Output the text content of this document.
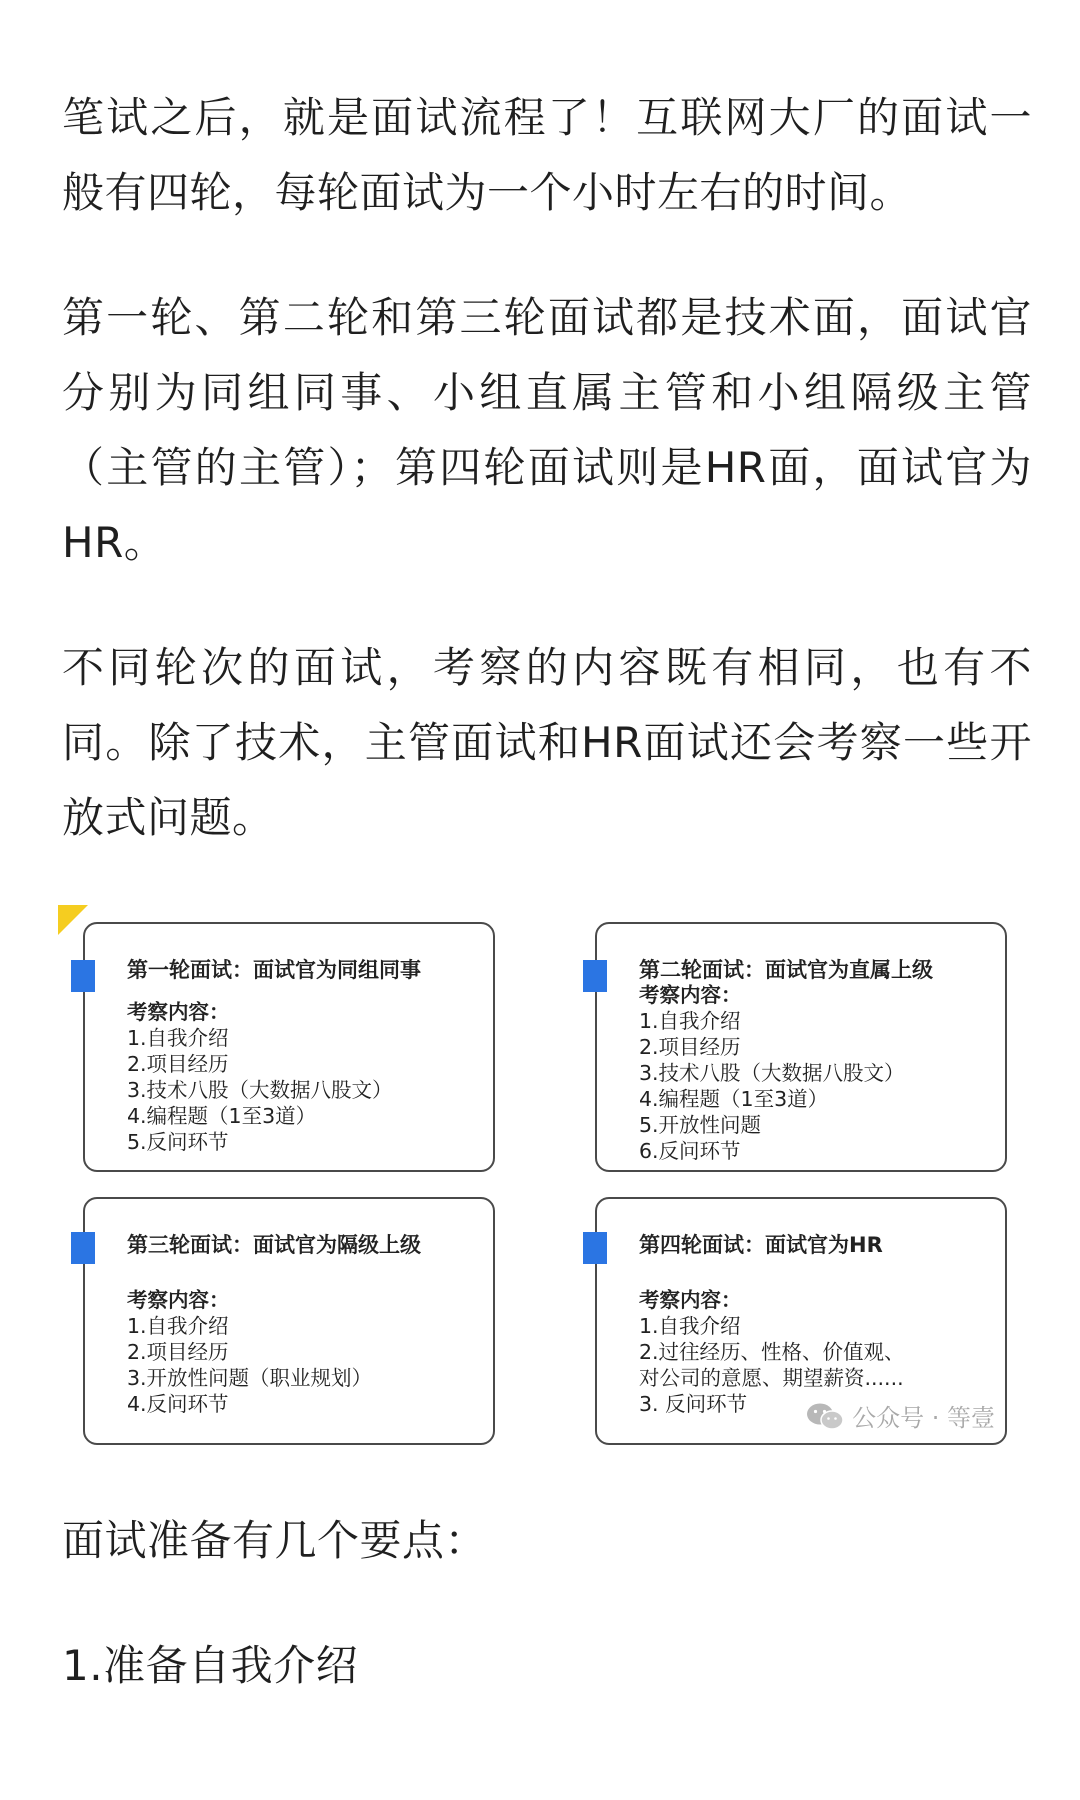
笔试之后，就是面试流程了！互联网大厂的面试一般有四轮，每轮面试为一个小时左右的时间。

第一轮、第二轮和第三轮面试都是技术面，面试官分别为同组同事、小组直属主管和小组隔级主管（主管的主管）；第四轮面试则是HR面，面试官为HR。

不同轮次的面试，考察的内容既有相同，也有不同。除了技术，主管面试和HR面试还会考察一些开放式问题。

面试准备有几个要点：

1.准备自我介绍

第一轮面试：面试官为同组同事
考察内容：
1.自我介绍
2.项目经历
3.技术八股（大数据八股文）
4.编程题（1至3道）
5.反问环节
第二轮面试：面试官为直属上级
考察内容：
1.自我介绍
2.项目经历
3.技术八股（大数据八股文）
4.编程题（1至3道）
5.开放性问题
6.反问环节
第三轮面试：面试官为隔级上级
考察内容：
1.自我介绍
2.项目经历
3.开放性问题（职业规划）
4.反问环节
第四轮面试：面试官为HR
考察内容：
1.自我介绍
2.过往经历、性格、价值观、
对公司的意愿、期望薪资......
3. 反问环节	公众号 · 等壹
